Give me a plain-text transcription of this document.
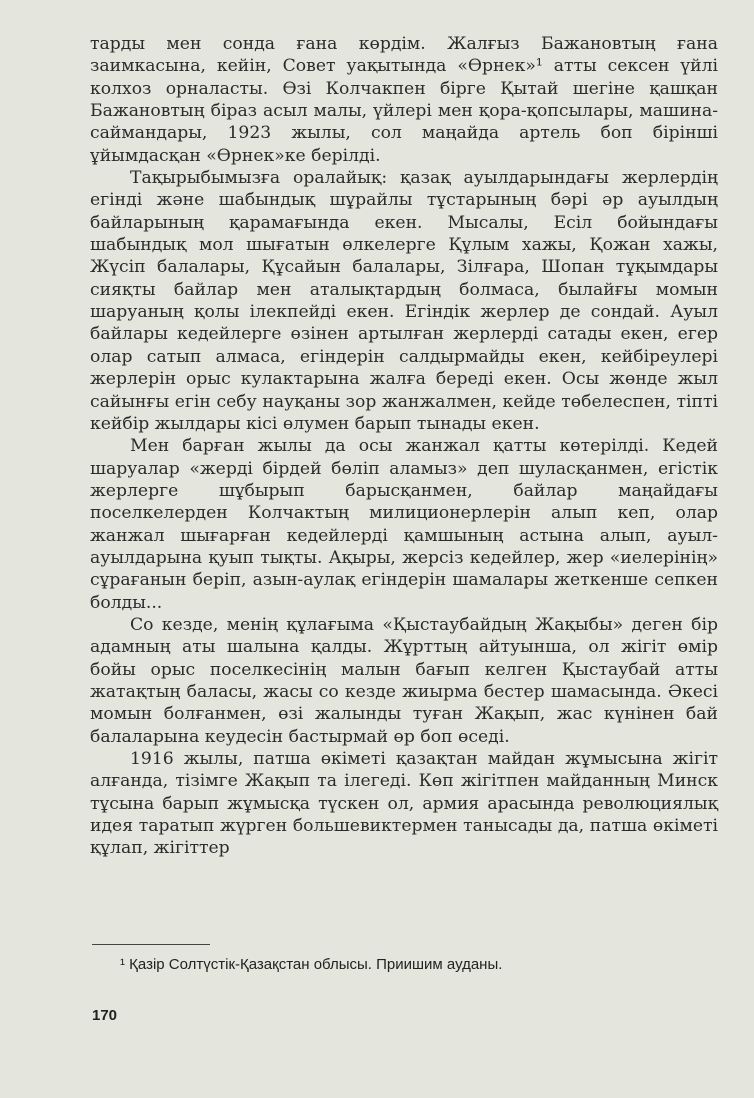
тарды мен сонда ғана көрдім. Жалғыз Бажановтың ғана заимкасына, кейін, Совет уақытында «Өрнек»¹ атты сексен үйлі колхоз орналасты. Өзі Колчакпен бірге Қытай шегіне қашқан Бажановтың біраз асыл малы, үйлері мен қора-қопсылары, машина-саймандары, 1923 жылы, сол маңайда артель боп бірінші ұйымдасқан «Өрнек»ке берілді.

Тақырыбымызға оралайық: қазақ ауылдарындағы жерлердің егінді және шабындық шұрайлы тұстарының бәрі әр ауылдың байларының қарамағында екен. Мысалы, Есіл бойындағы шабындық мол шығатын өлкелерге Құлым хажы, Қожан хажы, Жүсіп балалары, Құсайын балалары, Зілғара, Шопан тұқымдары сияқты байлар мен аталықтардың болмаса, былайғы момын шаруаның қолы ілекпейді екен. Егіндік жерлер де сондай. Ауыл байлары кедейлерге өзінен артылған жерлерді сатады екен, егер олар сатып алмаса, егіндерін салдырмайды екен, кейбіреулері жерлерін орыс кулактарына жалға береді екен. Осы жөнде жыл сайынғы егін себу науқаны зор жанжалмен, кейде төбелеспен, тіпті кейбір жылдары кісі өлумен барып тынады екен.

Мен барған жылы да осы жанжал қатты көтерілді. Кедей шаруалар «жерді бірдей бөліп аламыз» деп шуласқанмен, егістік жерлерге шұбырып барысқанмен, байлар маңайдағы поселкелерден Колчактың милиционерлерін алып кеп, олар жанжал шығарған кедейлерді қамшының астына алып, ауыл-ауылдарына қуып тықты. Ақыры, жерсіз кедейлер, жер «иелерінің» сұрағанын беріп, азын-аулақ егіндерін шамалары жеткенше сепкен болды...

Со кезде, менің құлағыма «Қыстаубайдың Жақыбы» деген бір адамның аты шалына қалды. Жұрттың айтуынша, ол жігіт өмір бойы орыс поселкесінің малын бағып келген Қыстаубай атты жатақтың баласы, жасы со кезде жиырма бестер шамасында. Әкесі момын болғанмен, өзі жалынды туған Жақып, жас күнінен бай балаларына кеудесін бастырмай өр боп өседі.

1916 жылы, патша өкіметі қазақтан майдан жұмысына жігіт алғанда, тізімге Жақып та ілегеді. Көп жігітпен майданның Минск тұсына барып жұмысқа түскен ол, армия арасында революциялық идея таратып жүрген большевиктермен танысады да, патша өкіметі құлап, жігіттер

¹ Қазір Солтүстік-Қазақстан облысы. Приишим ауданы.
170
